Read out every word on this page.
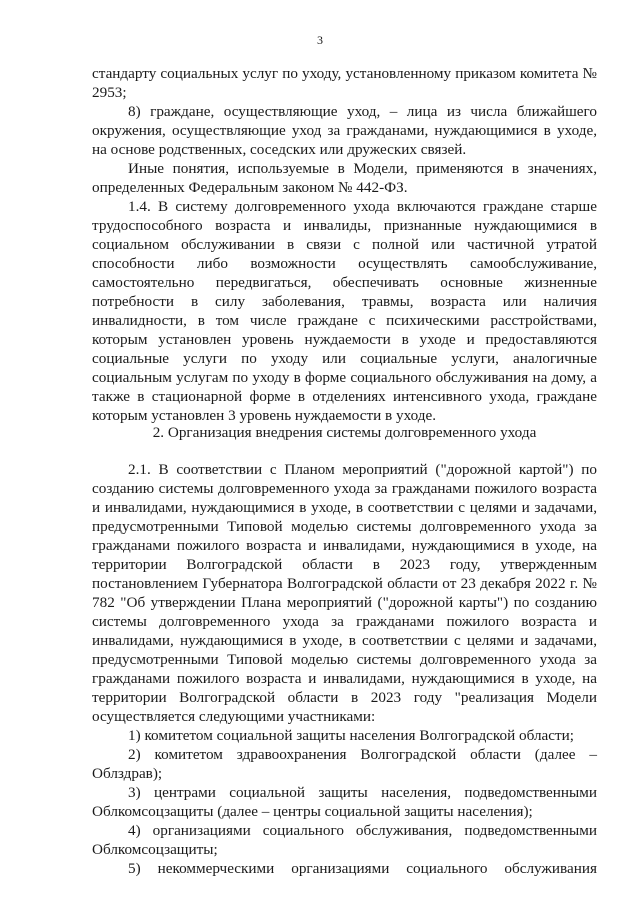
3

стандарту социальных услуг по уходу, установленному приказом комитета № 2953;

8) граждане, осуществляющие уход, – лица из числа ближайшего окружения, осуществляющие уход за гражданами, нуждающимися в уходе, на основе родственных, соседских или дружеских связей.

Иные понятия, используемые в Модели, применяются в значениях, определенных Федеральным законом № 442-ФЗ.

1.4. В систему долговременного ухода включаются граждане старше трудоспособного возраста и инвалиды, признанные нуждающимися в социальном обслуживании в связи с полной или частичной утратой способности либо возможности осуществлять самообслуживание, самостоятельно передвигаться, обеспечивать основные жизненные потребности в силу заболевания, травмы, возраста или наличия инвалидности, в том числе граждане с психическими расстройствами, которым установлен уровень нуждаемости в уходе и предоставляются социальные услуги по уходу или социальные услуги, аналогичные социальным услугам по уходу в форме социального обслуживания на дому, а также в стационарной форме в отделениях интенсивного ухода, граждане которым установлен 3 уровень нуждаемости в уходе.

2. Организация внедрения системы долговременного ухода

2.1. В соответствии с Планом мероприятий ("дорожной картой") по созданию системы долговременного ухода за гражданами пожилого возраста и инвалидами, нуждающимися в уходе, в соответствии с целями и задачами, предусмотренными Типовой моделью системы долговременного ухода за гражданами пожилого возраста и инвалидами, нуждающимися в уходе, на территории Волгоградской области в 2023 году, утвержденным постановлением Губернатора Волгоградской области от 23 декабря 2022 г. № 782 "Об утверждении Плана мероприятий ("дорожной карты") по созданию системы долговременного ухода за гражданами пожилого возраста и инвалидами, нуждающимися в уходе, в соответствии с целями и задачами, предусмотренными Типовой моделью системы долговременного ухода за гражданами пожилого возраста и инвалидами, нуждающимися в уходе, на территории Волгоградской области в 2023 году "реализация Модели осуществляется следующими участниками:

1) комитетом социальной защиты населения Волгоградской области;

2) комитетом здравоохранения Волгоградской области (далее – Облздрав);

3) центрами социальной защиты населения, подведомственными Облкомсоцзащиты (далее – центры социальной защиты населения);

4) организациями социального обслуживания, подведомственными Облкомсоцзащиты;

5) некоммерческими организациями социального обслуживания
